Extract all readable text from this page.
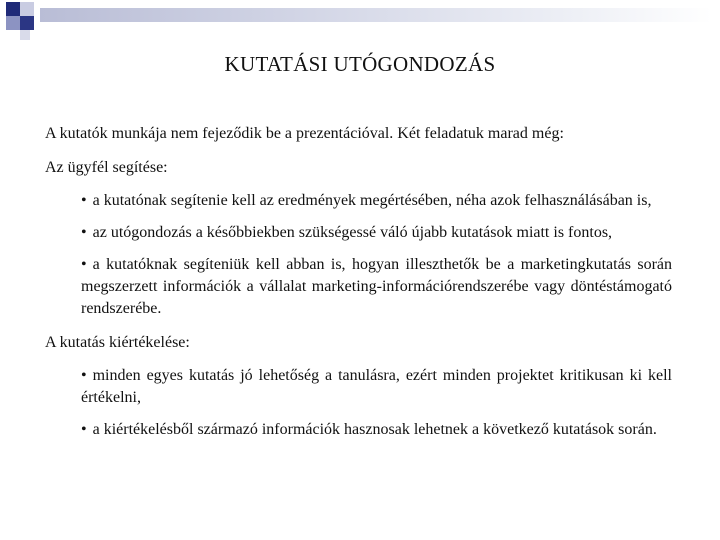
KUTATÁSI UTÓGONDOZÁS

A kutatók munkája nem fejeződik be a prezentációval. Két feladatuk marad még:

Az ügyfél segítése:

• a kutatónak segítenie kell az eredmények megértésében, néha azok felhasználásában is,

• az utógondozás a későbbiekben szükségessé váló újabb kutatások miatt is fontos,

• a kutatóknak segíteniük kell abban is, hogyan illeszthetők be a marketingkutatás során megszerzett információk a vállalat marketing-információrendszerébe vagy döntéstámogató rendszerébe.

A kutatás kiértékelése:

• minden egyes kutatás jó lehetőség a tanulásra, ezért minden projektet kritikusan ki kell értékelni,

• a kiértékelésből származó információk hasznosak lehetnek a következő kutatások során.
